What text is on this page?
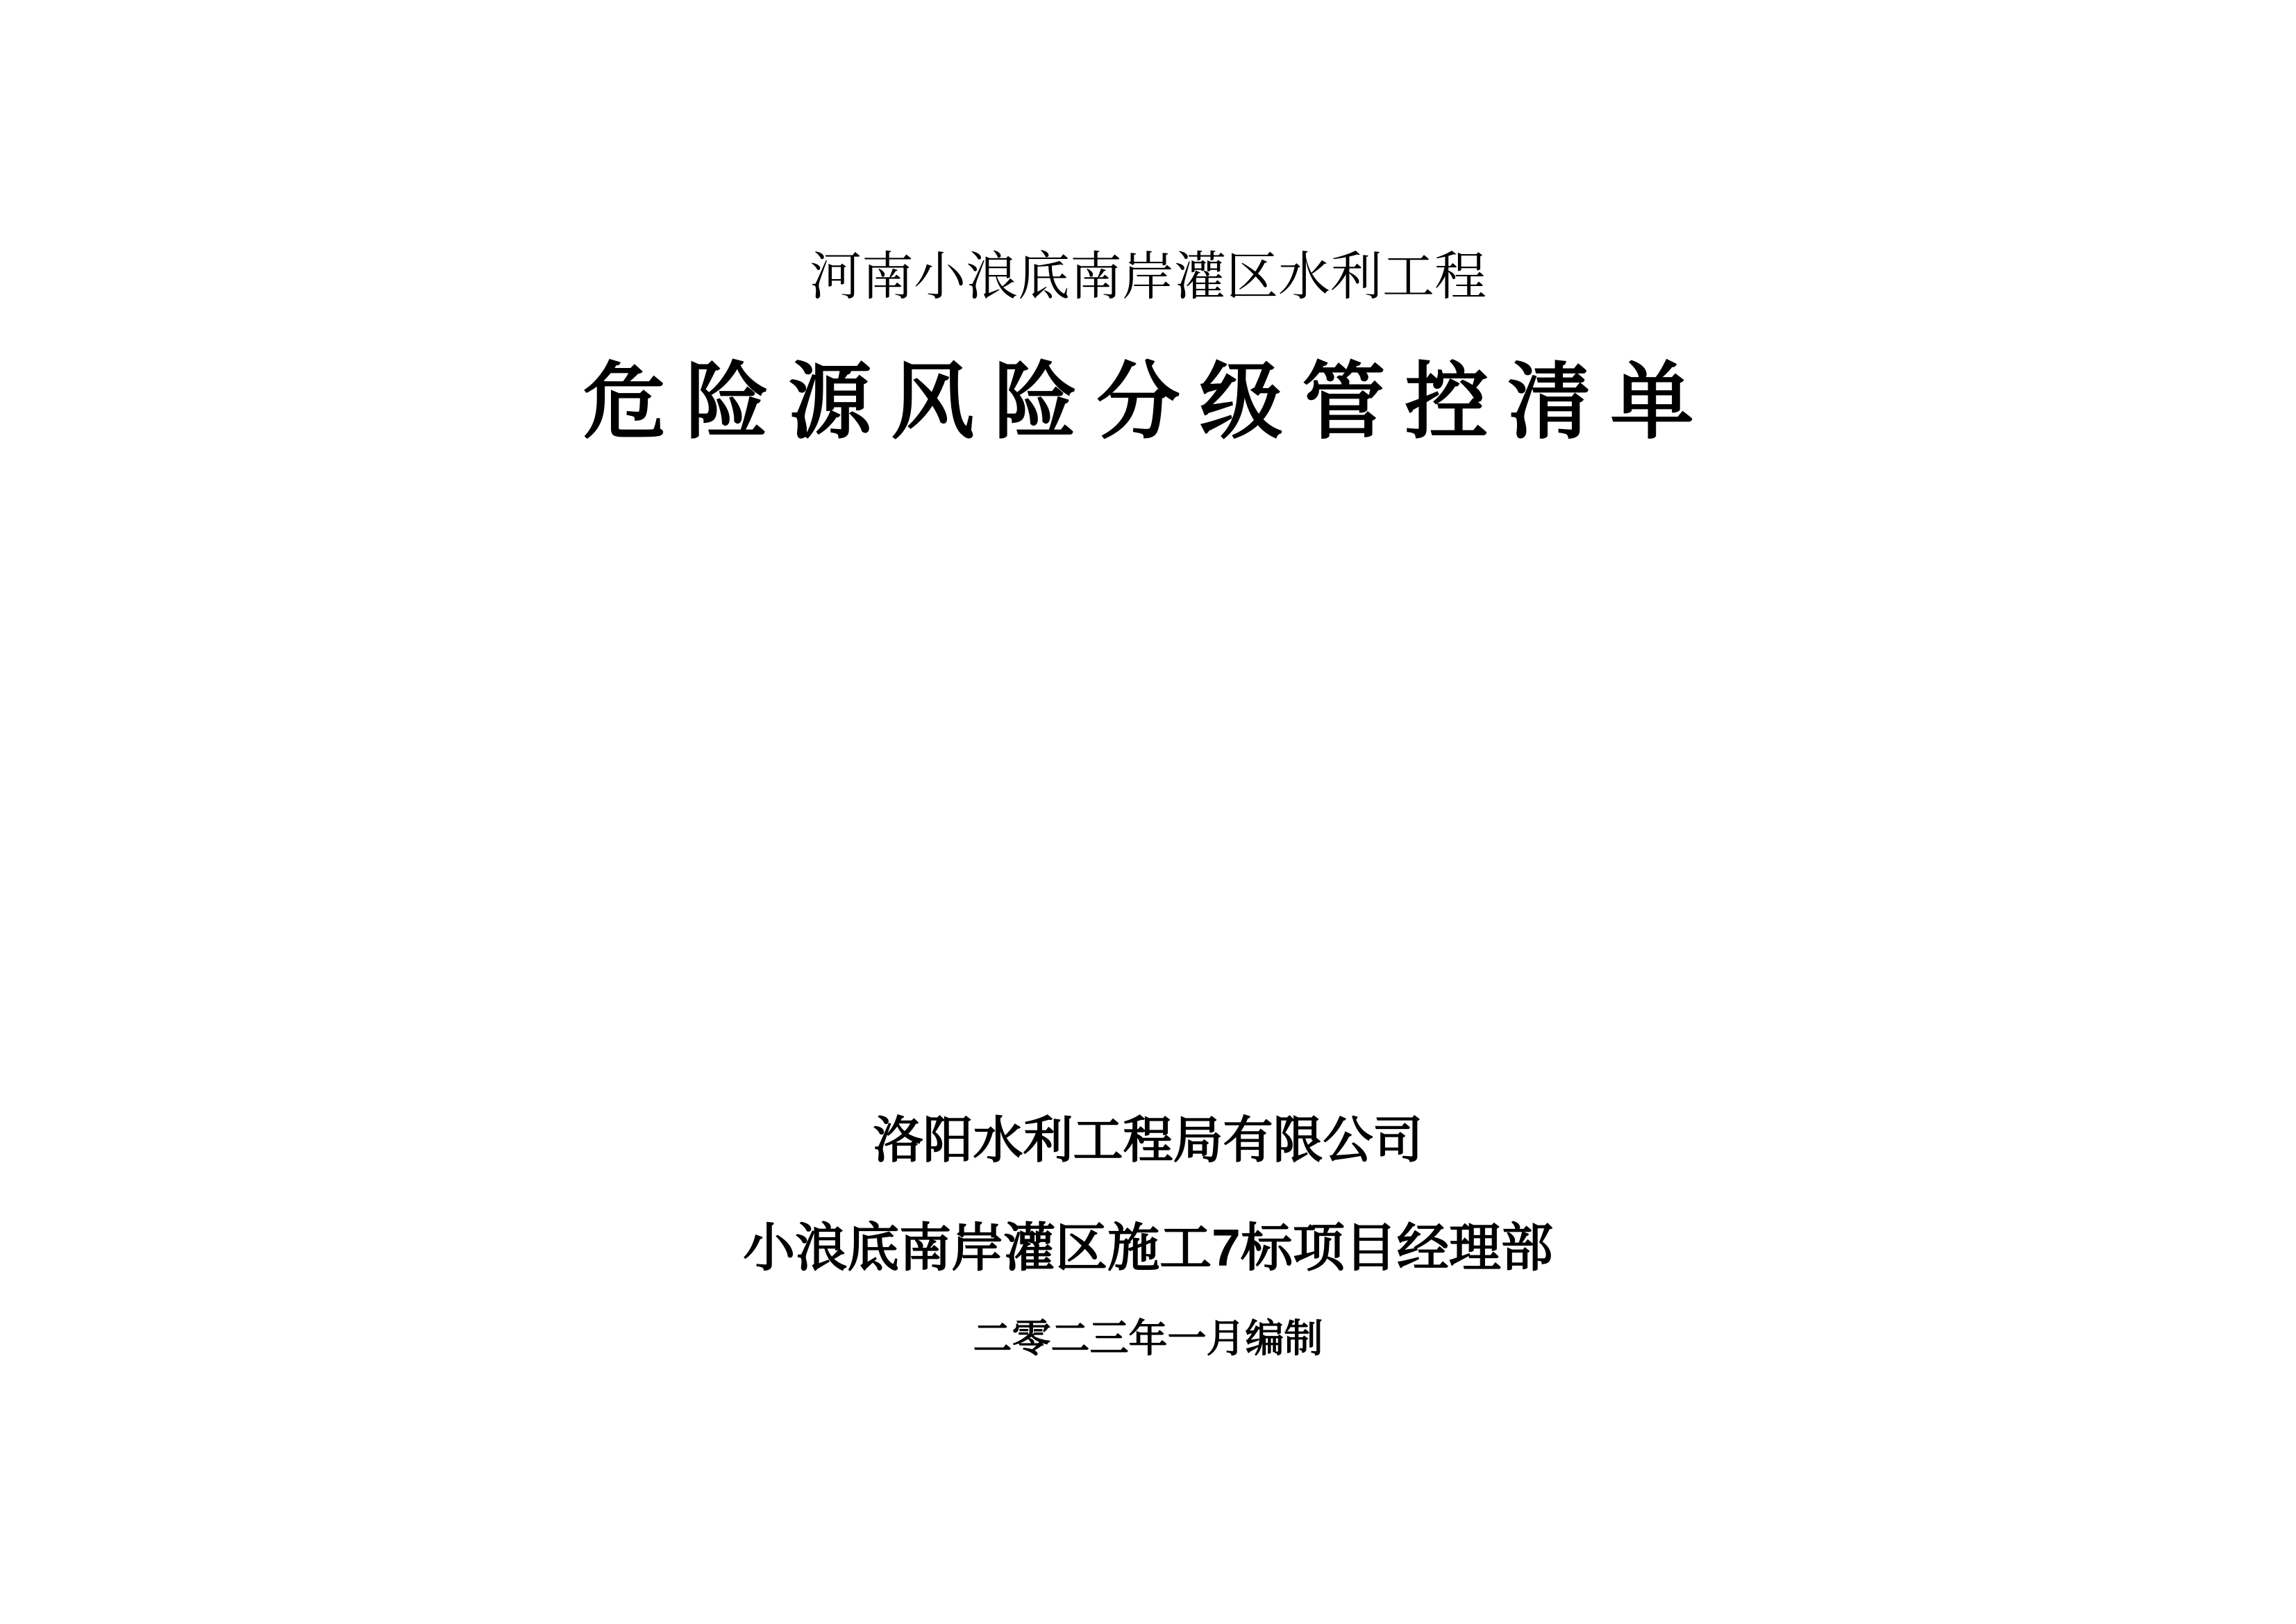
河南小浪底南岸灌区水利工程
危险源风险分级管控清单
洛阳水利工程局有限公司
小浪底南岸灌区施工7标项目经理部
二零二三年一月编制
